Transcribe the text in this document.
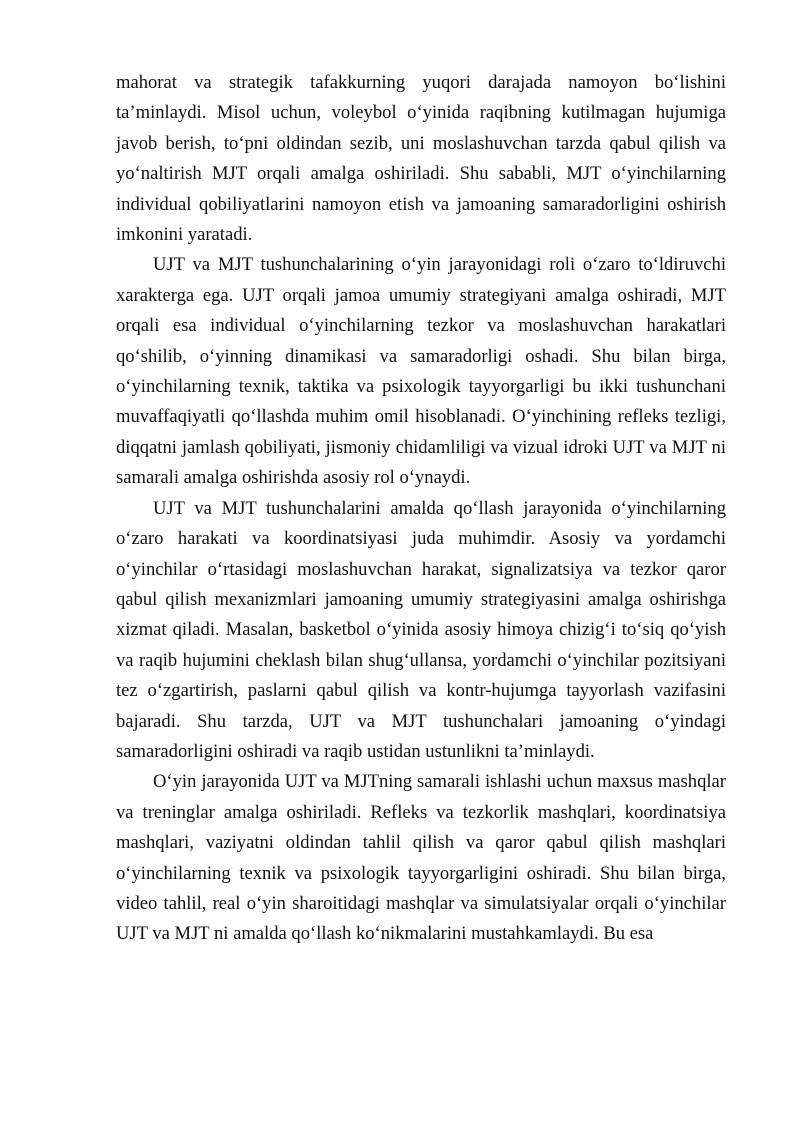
mahorat va strategik tafakkurning yuqori darajada namoyon bo‘lishini ta’minlaydi. Misol uchun, voleybol o‘yinida raqibning kutilmagan hujumiga javob berish, to‘pni oldindan sezib, uni moslashuvchan tarzda qabul qilish va yo‘naltirish MJT orqali amalga oshiriladi. Shu sababli, MJT o‘yinchilarning individual qobiliyatlarini namoyon etish va jamoaning samaradorligini oshirish imkonini yaratadi.

UJT va MJT tushunchalarining o‘yin jarayonidagi roli o‘zaro to‘ldiruvchi xarakterga ega. UJT orqali jamoa umumiy strategiyani amalga oshiradi, MJT orqali esa individual o‘yinchilarning tezkor va moslashuvchan harakatlari qo‘shilib, o‘yinning dinamikasi va samaradorligi oshadi. Shu bilan birga, o‘yinchilarning texnik, taktika va psixologik tayyorgarligi bu ikki tushunchani muvaffaqiyatli qo‘llashda muhim omil hisoblanadi. O‘yinchining refleks tezligi, diqqatni jamlash qobiliyati, jismoniy chidamliligi va vizual idroki UJT va MJT ni samarali amalga oshirishda asosiy rol o‘ynaydi.

UJT va MJT tushunchalarini amalda qo‘llash jarayonida o‘yinchilarning o‘zaro harakati va koordinatsiyasi juda muhimdir. Asosiy va yordamchi o‘yinchilar o‘rtasidagi moslashuvchan harakat, signalizatsiya va tezkor qaror qabul qilish mexanizmlari jamoaning umumiy strategiyasini amalga oshirishga xizmat qiladi. Masalan, basketbol o‘yinida asosiy himoya chizig‘i to‘siq qo‘yish va raqib hujumini cheklash bilan shug‘ullansa, yordamchi o‘yinchilar pozitsiyani tez o‘zgartirish, paslarni qabul qilish va kontr-hujumga tayyorlash vazifasini bajaradi. Shu tarzda, UJT va MJT tushunchalari jamoaning o‘yindagi samaradorligini oshiradi va raqib ustidan ustunlikni ta’minlaydi.

O‘yin jarayonida UJT va MJTning samarali ishlashi uchun maxsus mashqlar va treninglar amalga oshiriladi. Refleks va tezkorlik mashqlari, koordinatsiya mashqlari, vaziyatni oldindan tahlil qilish va qaror qabul qilish mashqlari o‘yinchilarning texnik va psixologik tayyorgarligini oshiradi. Shu bilan birga, video tahlil, real o‘yin sharoitidagi mashqlar va simulatsiyalar orqali o‘yinchilar UJT va MJT ni amalda qo‘llash ko‘nikmalarini mustahkamlaydi. Bu esa
